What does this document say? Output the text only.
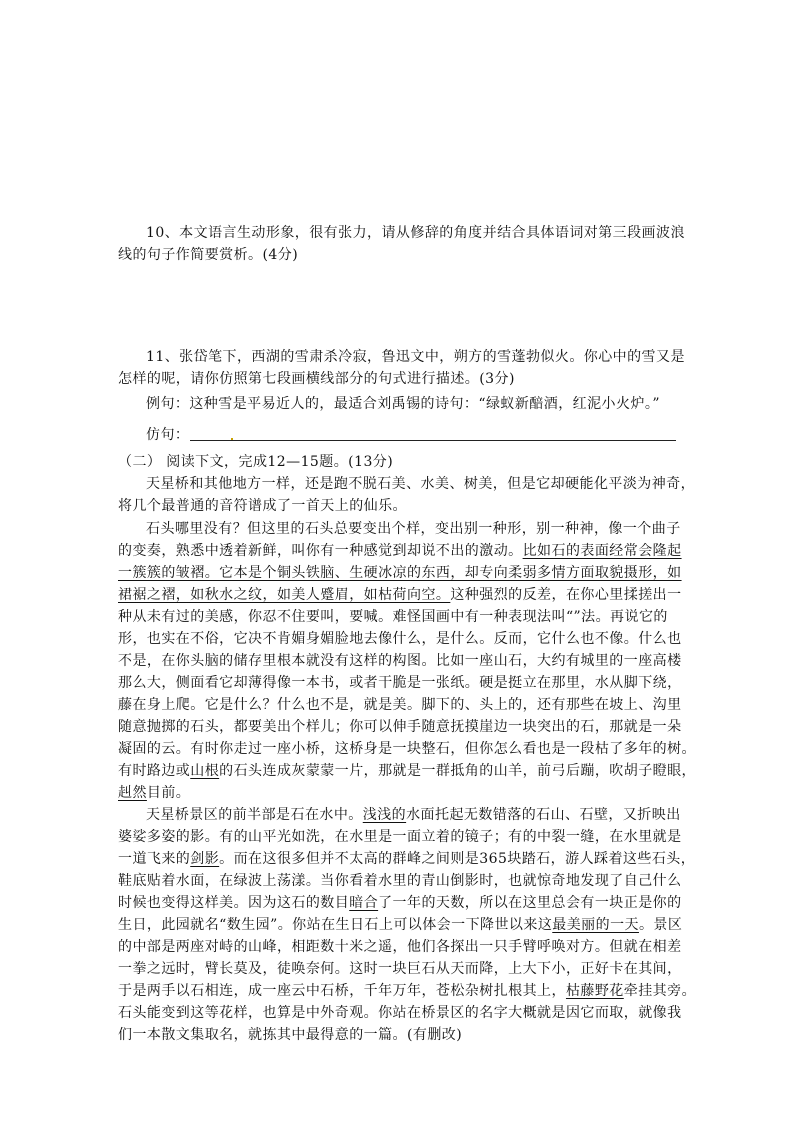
10、本文语言生动形象，很有张力，请从修辞的角度并结合具体语词对第三段画波浪
线的句子作简要赏析。(4分)
11、张岱笔下，西湖的雪肃杀冷寂，鲁迅文中，朔方的雪蓬勃似火。你心中的雪又是
怎样的呢，请你仿照第七段画横线部分的句式进行描述。(3分)
例句：这种雪是平易近人的，最适合刘禹锡的诗句：“绿蚁新醅酒，红泥小火炉。”
仿句：
（二） 阅读下文，完成12—15题。(13分)
天星桥和其他地方一样，还是跑不脱石美、水美、树美，但是它却硬能化平淡为神奇，
将几个最普通的音符谱成了一首天上的仙乐。
石头哪里没有？但这里的石头总要变出个样，变出别一种形，别一种神，像一个曲子
的变奏，熟悉中透着新鲜，叫你有一种感觉到却说不出的激动。比如石的表面经常会隆起
一簇簇的皱褶。它本是个铜头铁脑、生硬冰凉的东西，却专向柔弱多情方面取貌摄形，如
裙裾之褶，如秋水之纹，如美人蹙眉，如枯荷向空。这种强烈的反差，在你心里揉搓出一
种从未有过的美感，你忍不住要叫，要喊。难怪国画中有一种表现法叫“”法。再说它的
形，也实在不俗，它决不肯媚身媚脸地去像什么，是什么。反而，它什么也不像。什么也
不是，在你头脑的储存里根本就没有这样的构图。比如一座山石，大约有城里的一座高楼
那么大，侧面看它却薄得像一本书，或者干脆是一张纸。硬是挺立在那里，水从脚下绕，
藤在身上爬。它是什么？什么也不是，就是美。脚下的、头上的，还有那些在坡上、沟里
随意抛掷的石头，都要美出个样儿；你可以伸手随意抚摸崖边一块突出的石，那就是一朵
凝固的云。有时你走过一座小桥，这桥身是一块整石，但你怎么看也是一段枯了多年的树。
有时路边或山根的石头连成灰蒙蒙一片，那就是一群抵角的山羊，前弓后蹦，吹胡子瞪眼，
赳然目前。
天星桥景区的前半部是石在水中。浅浅的水面托起无数错落的石山、石壁，又折映出
婆娑多姿的影。有的山平光如洗，在水里是一面立着的镜子；有的中裂一缝，在水里就是
一道飞来的剑影。而在这很多但并不太高的群峰之间则是365块踏石，游人踩着这些石头，
鞋底贴着水面，在绿波上荡漾。当你看着水里的青山倒影时，也就惊奇地发现了自己什么
时候也变得这样美。因为这石的数目暗合了一年的天数，所以在这里总会有一块正是你的
生日，此园就名“数生园”。你站在生日石上可以体会一下降世以来这最美丽的一天。景区
的中部是两座对峙的山峰，相距数十米之遥，他们各探出一只手臂呼唤对方。但就在相差
一拳之远时，臂长莫及，徒唤奈何。这时一块巨石从天而降，上大下小，正好卡在其间，
于是两手以石相连，成一座云中石桥，千年万年，苍松杂树扎根其上，枯藤野花牵挂其旁。
石头能变到这等花样，也算是中外奇观。你站在桥景区的名字大概就是因它而取，就像我
们一本散文集取名，就拣其中最得意的一篇。(有删改)
